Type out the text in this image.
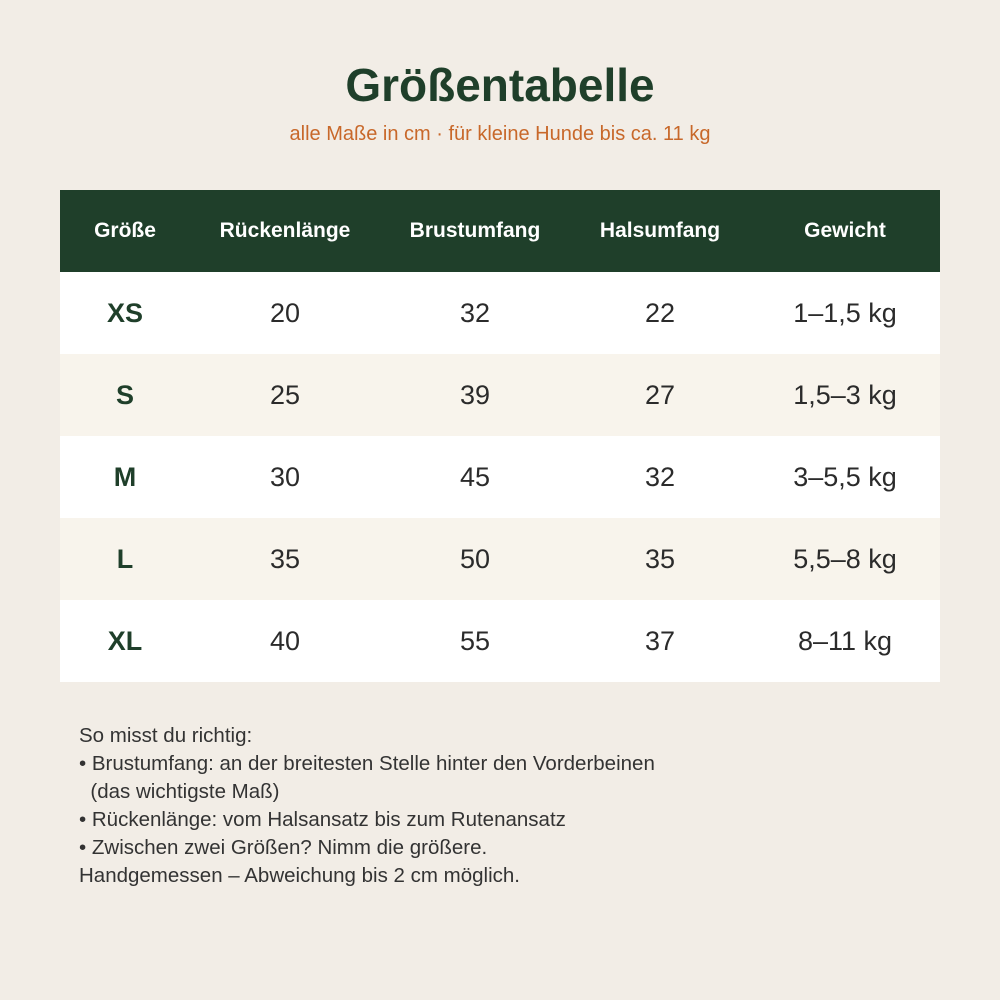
Größentabelle

alle Maße in cm · für kleine Hunde bis ca. 11 kg

Größe	Rückenlänge	Brustumfang	Halsumfang	Gewicht
XS	20	32	22	1–1,5 kg
S	25	39	27	1,5–3 kg
M	30	45	32	3–5,5 kg
L	35	50	35	5,5–8 kg
XL	40	55	37	8–11 kg
So misst du richtig:
• Brustumfang: an der breitesten Stelle hinter den Vorderbeinen
(das wichtigste Maß)
• Rückenlänge: vom Halsansatz bis zum Rutenansatz
• Zwischen zwei Größen? Nimm die größere.
Handgemessen – Abweichung bis 2 cm möglich.
